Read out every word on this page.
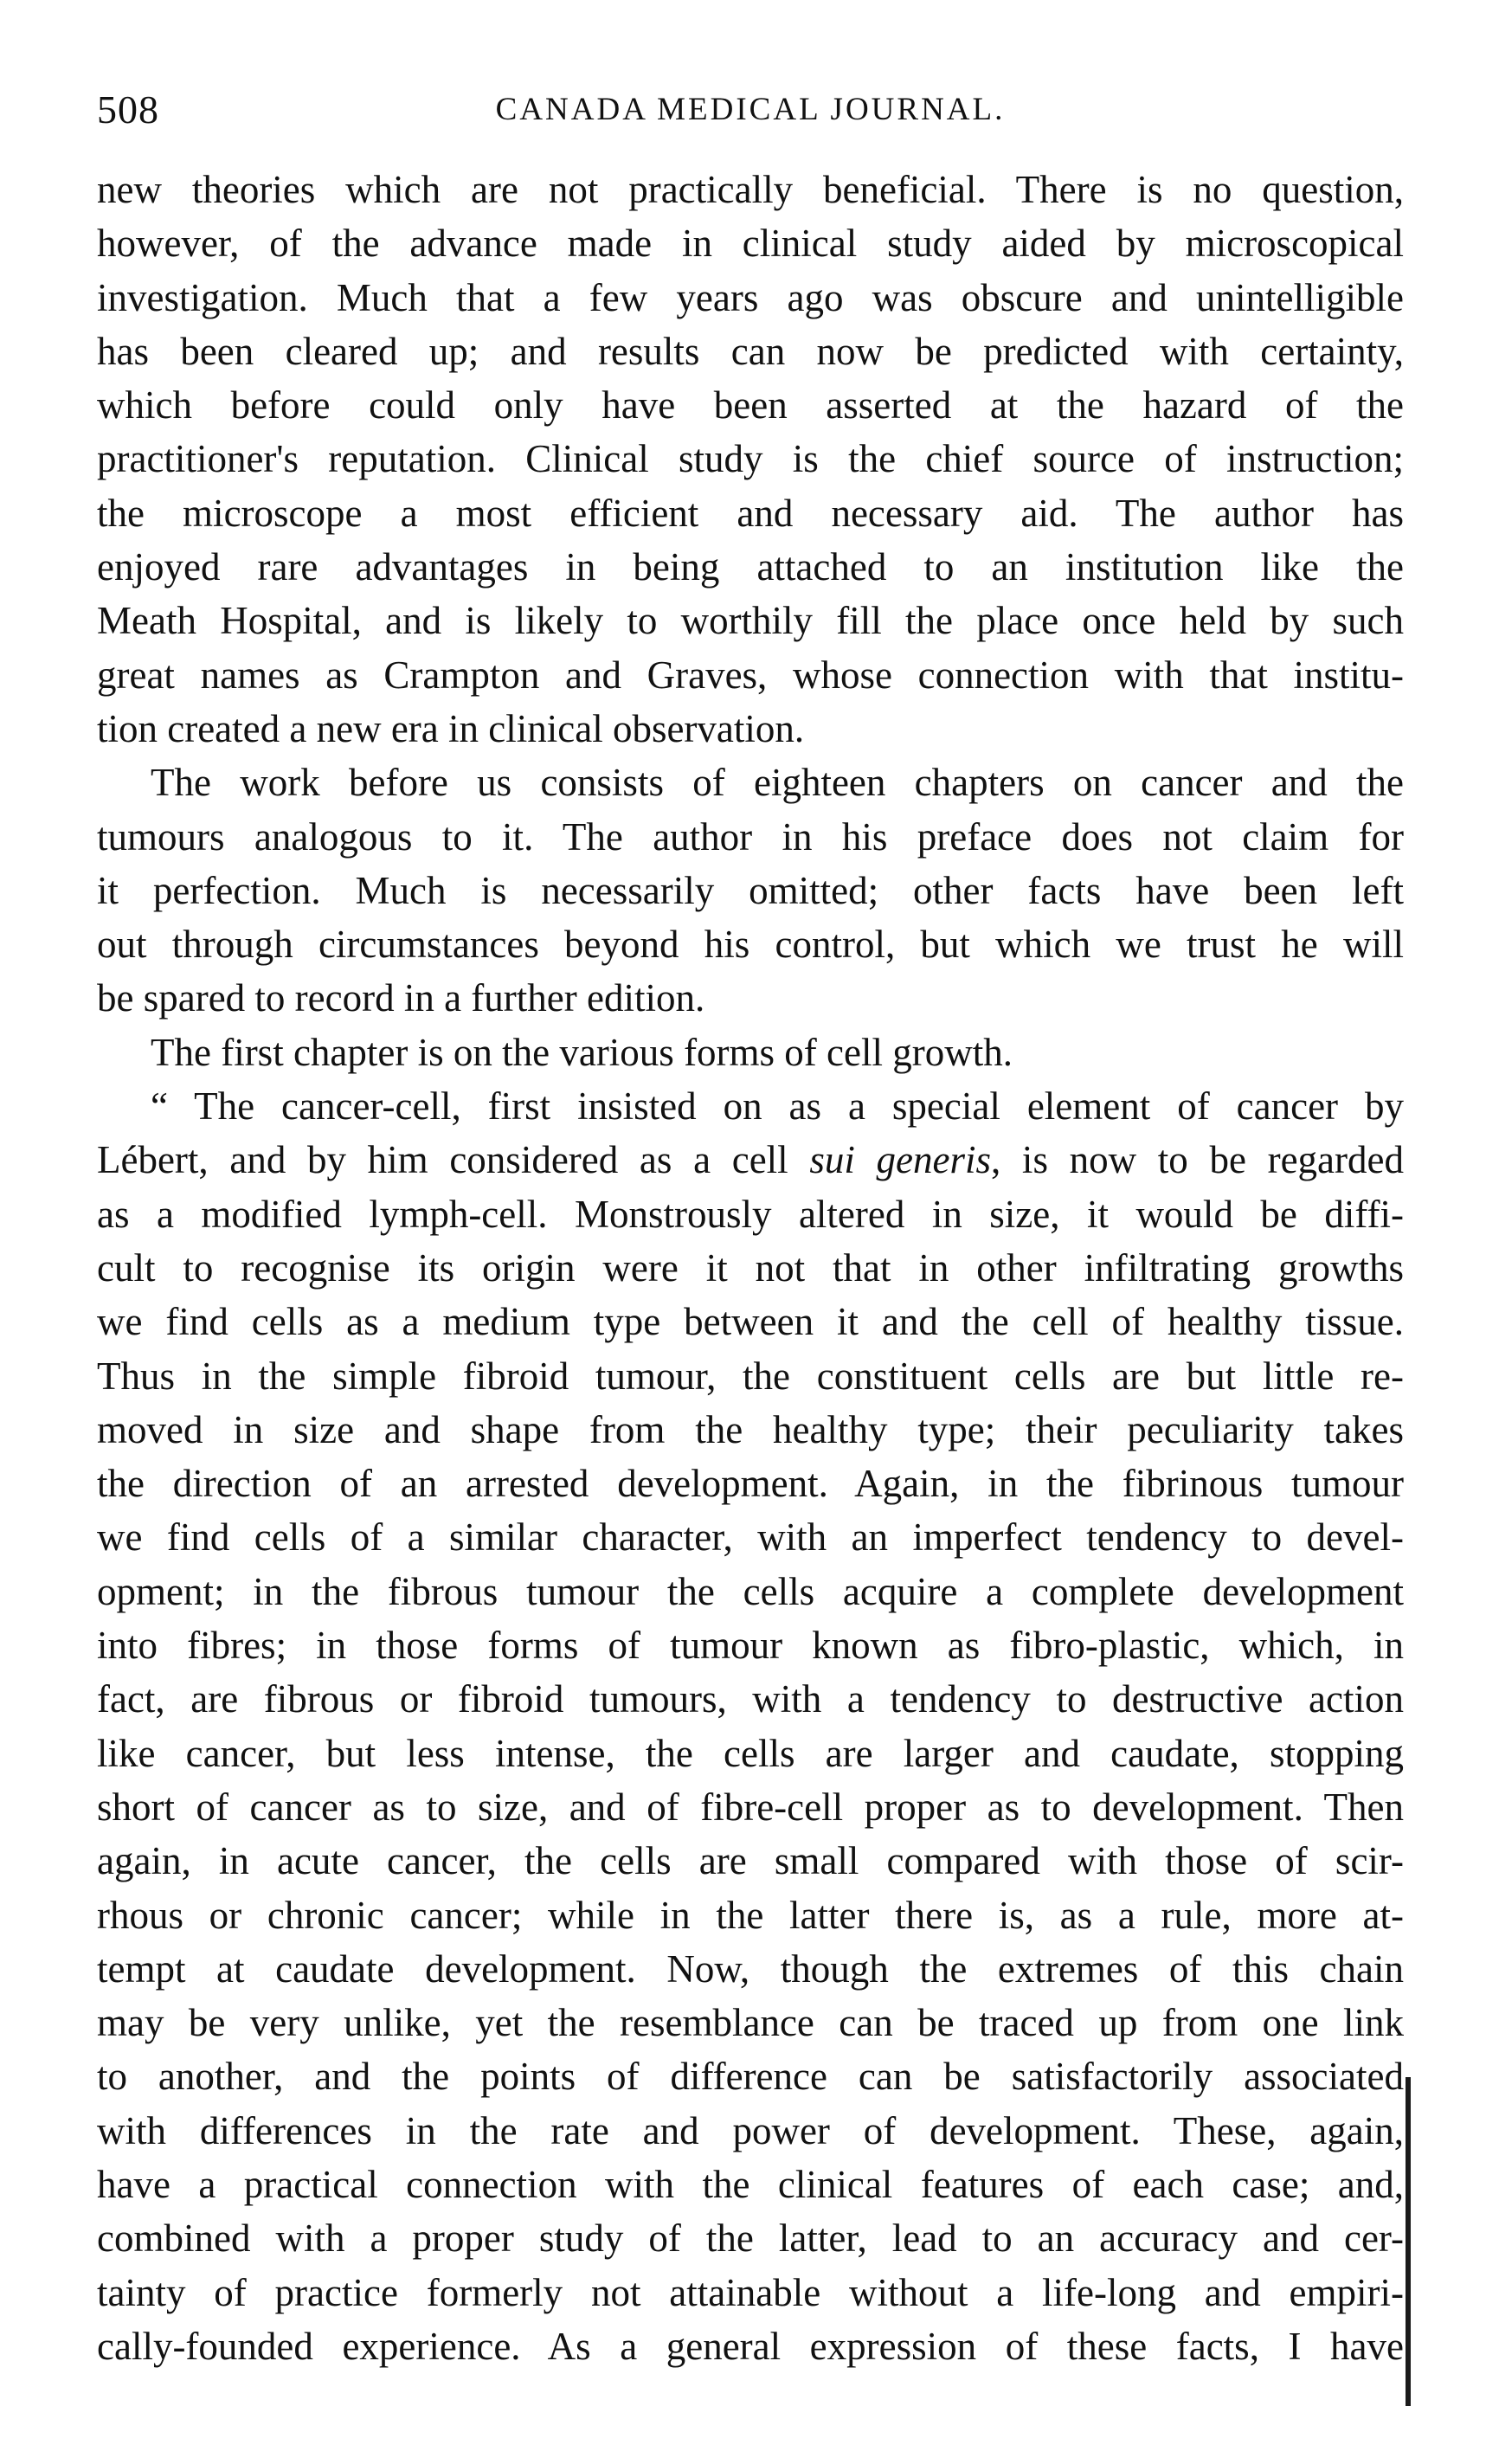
508	CANADA MEDICAL JOURNAL.
new theories which are not practically beneficial. There is no question,
however, of the advance made in clinical study aided by microscopical
investigation. Much that a few years ago was obscure and unintelligible
has been cleared up; and results can now be predicted with certainty,
which before could only have been asserted at the hazard of the
practitioner's reputation. Clinical study is the chief source of instruction;
the microscope a most efficient and necessary aid. The author has
enjoyed rare advantages in being attached to an institution like the
Meath Hospital, and is likely to worthily fill the place once held by such
great names as Crampton and Graves, whose connection with that institu-
tion created a new era in clinical observation.
The work before us consists of eighteen chapters on cancer and the
tumours analogous to it. The author in his preface does not claim for
it perfection. Much is necessarily omitted; other facts have been left
out through circumstances beyond his control, but which we trust he will
be spared to record in a further edition.
The first chapter is on the various forms of cell growth.
“ The cancer-cell, first insisted on as a special element of cancer by
Lébert, and by him considered as a cell sui generis, is now to be regarded
as a modified lymph-cell. Monstrously altered in size, it would be diffi-
cult to recognise its origin were it not that in other infiltrating growths
we find cells as a medium type between it and the cell of healthy tissue.
Thus in the simple fibroid tumour, the constituent cells are but little re-
moved in size and shape from the healthy type; their peculiarity takes
the direction of an arrested development. Again, in the fibrinous tumour
we find cells of a similar character, with an imperfect tendency to devel-
opment; in the fibrous tumour the cells acquire a complete development
into fibres; in those forms of tumour known as fibro-plastic, which, in
fact, are fibrous or fibroid tumours, with a tendency to destructive action
like cancer, but less intense, the cells are larger and caudate, stopping
short of cancer as to size, and of fibre-cell proper as to development. Then
again, in acute cancer, the cells are small compared with those of scir-
rhous or chronic cancer; while in the latter there is, as a rule, more at-
tempt at caudate development. Now, though the extremes of this chain
may be very unlike, yet the resemblance can be traced up from one link
to another, and the points of difference can be satisfactorily associated
with differences in the rate and power of development. These, again,
have a practical connection with the clinical features of each case; and,
combined with a proper study of the latter, lead to an accuracy and cer-
tainty of practice formerly not attainable without a life-long and empiri-
cally-founded experience. As a general expression of these facts, I have
